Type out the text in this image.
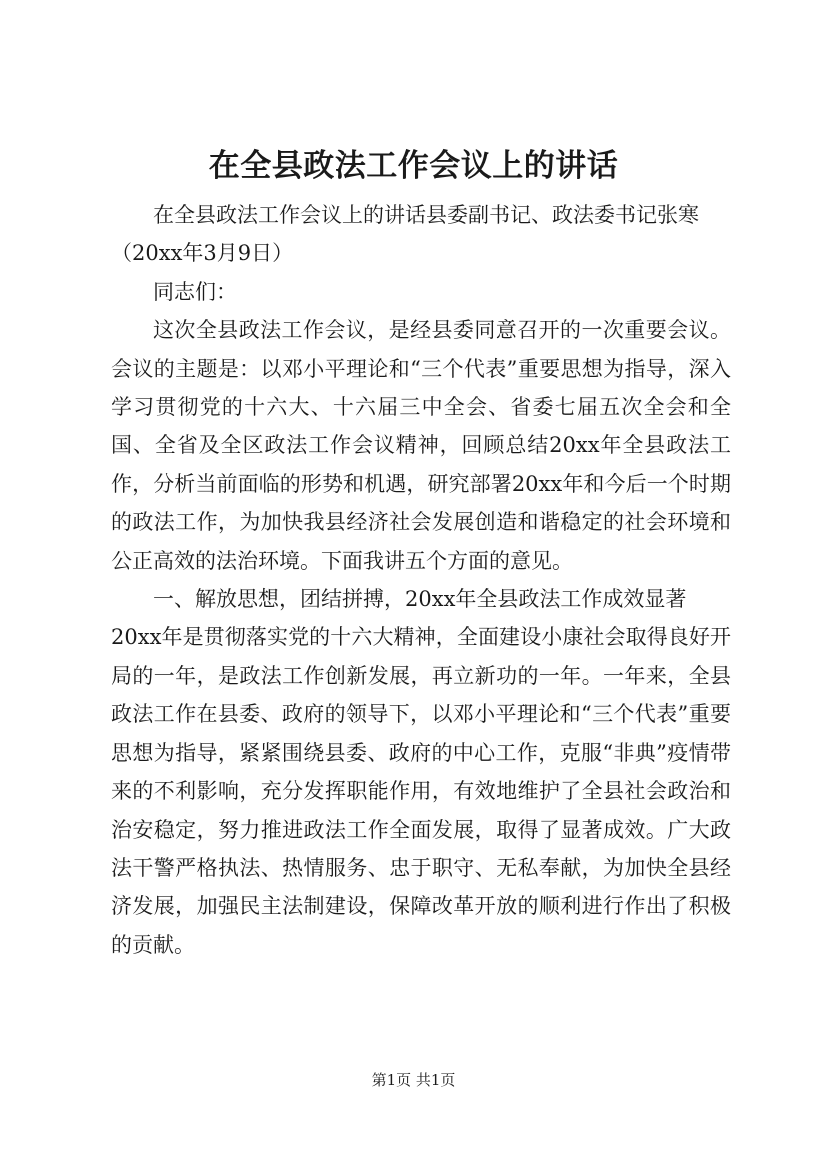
在全县政法工作会议上的讲话

在全县政法工作会议上的讲话县委副书记、政法委书记张寒

（20xx年3月9日）

同志们：

这次全县政法工作会议，是经县委同意召开的一次重要会议。会议的主题是：以邓小平理论和“三个代表”重要思想为指导，深入学习贯彻党的十六大、十六届三中全会、省委七届五次全会和全国、全省及全区政法工作会议精神，回顾总结20xx年全县政法工作，分析当前面临的形势和机遇，研究部署20xx年和今后一个时期的政法工作，为加快我县经济社会发展创造和谐稳定的社会环境和公正高效的法治环境。下面我讲五个方面的意见。

一、解放思想，团结拼搏，20xx年全县政法工作成效显著

20xx年是贯彻落实党的十六大精神，全面建设小康社会取得良好开局的一年，是政法工作创新发展，再立新功的一年。一年来，全县政法工作在县委、政府的领导下，以邓小平理论和“三个代表”重要思想为指导，紧紧围绕县委、政府的中心工作，克服“非典”疫情带来的不利影响，充分发挥职能作用，有效地维护了全县社会政治和治安稳定，努力推进政法工作全面发展，取得了显著成效。广大政法干警严格执法、热情服务、忠于职守、无私奉献，为加快全县经济发展，加强民主法制建设，保障改革开放的顺利进行作出了积极的贡献。

第1页 共1页
